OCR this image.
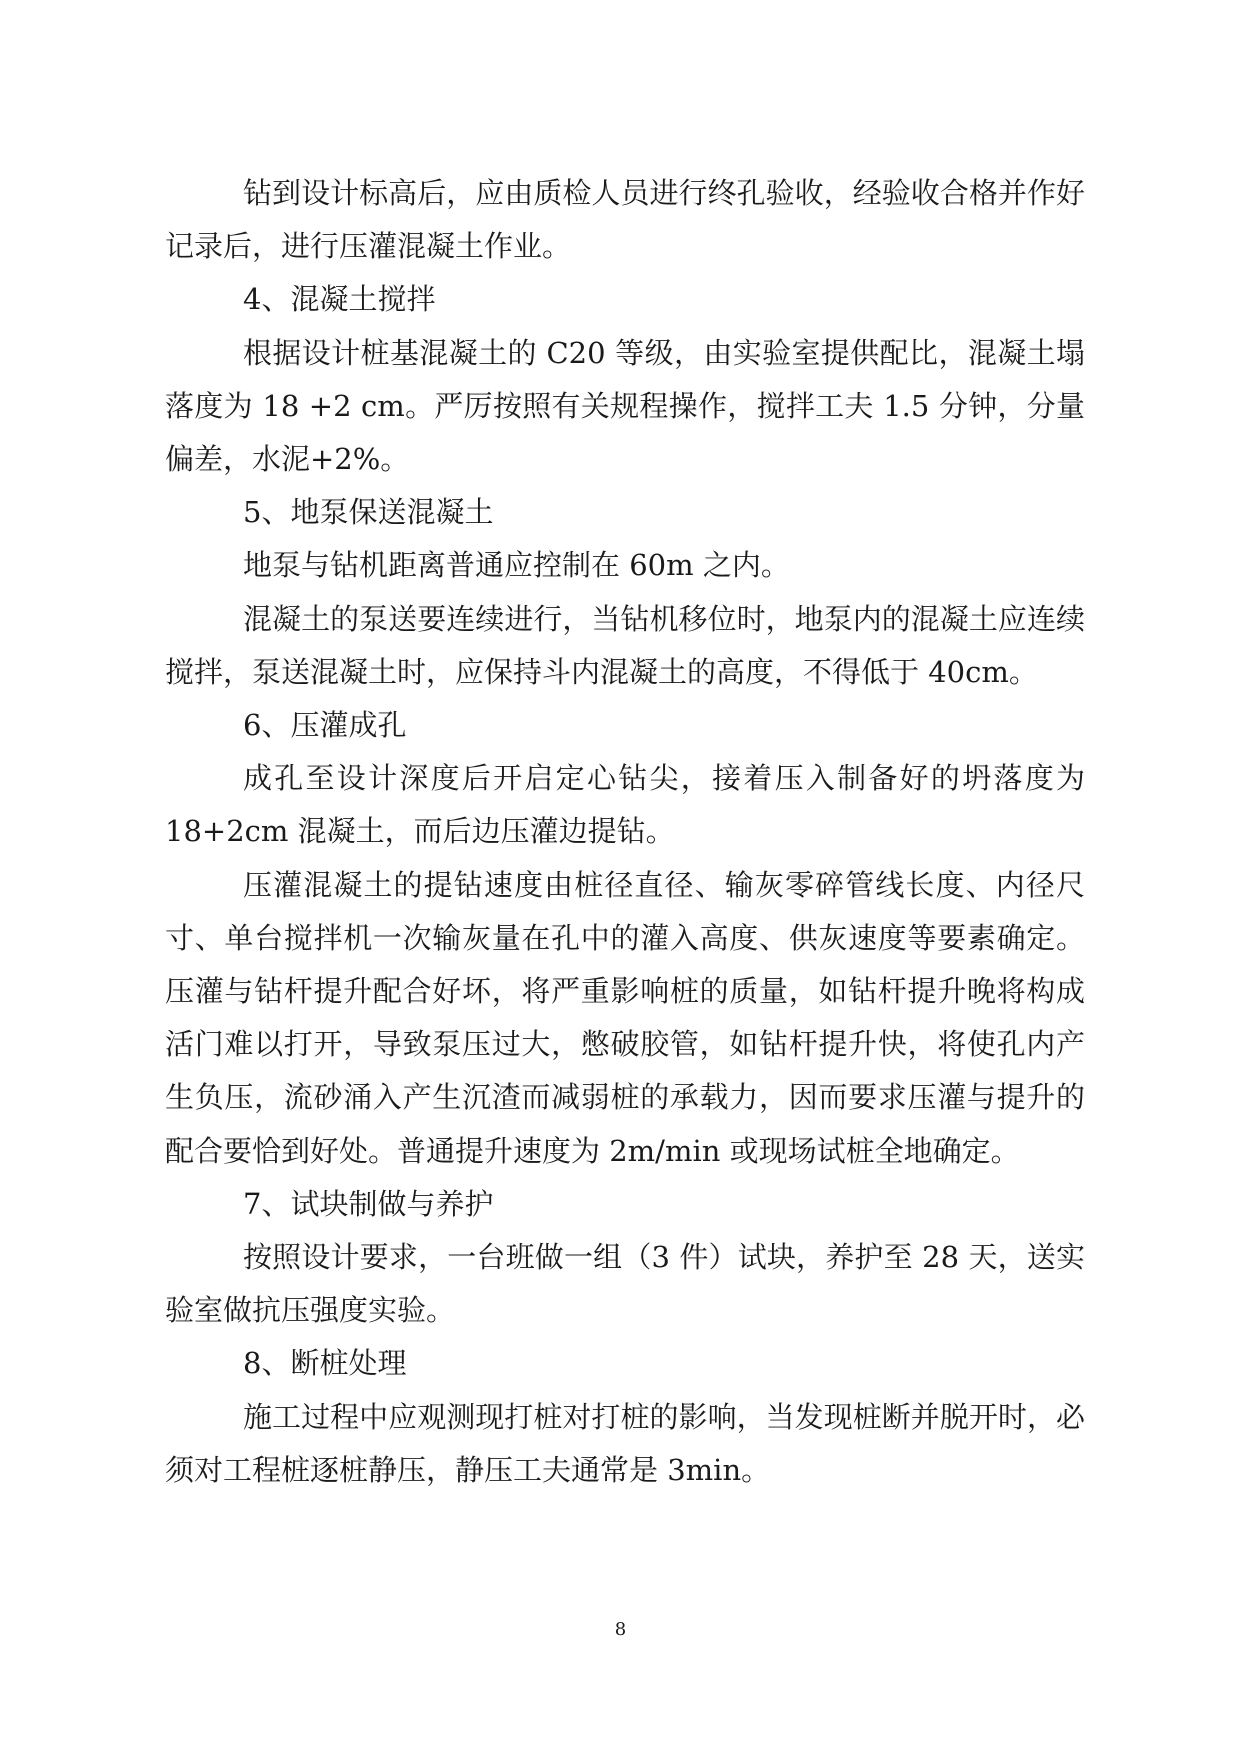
钻到设计标高后，应由质检人员进行终孔验收，经验收合格并作好记录后，进行压灌混凝土作业。

4、混凝土搅拌

根据设计桩基混凝土的 C20 等级，由实验室提供配比，混凝土塌落度为 18 +2 cm。严厉按照有关规程操作，搅拌工夫 1.5 分钟，分量偏差，水泥+2%。

5、地泵保送混凝土

地泵与钻机距离普通应控制在 60m 之内。

混凝土的泵送要连续进行，当钻机移位时，地泵内的混凝土应连续搅拌，泵送混凝土时，应保持斗内混凝土的高度，不得低于 40cm。

6、压灌成孔

成孔至设计深度后开启定心钻尖，接着压入制备好的坍落度为 18+2cm 混凝土，而后边压灌边提钻。

压灌混凝土的提钻速度由桩径直径、输灰零碎管线长度、内径尺寸、单台搅拌机一次输灰量在孔中的灌入高度、供灰速度等要素确定。压灌与钻杆提升配合好坏，将严重影响桩的质量，如钻杆提升晚将构成活门难以打开，导致泵压过大，憋破胶管，如钻杆提升快，将使孔内产生负压，流砂涌入产生沉渣而减弱桩的承载力，因而要求压灌与提升的配合要恰到好处。普通提升速度为 2m/min 或现场试桩全地确定。

7、试块制做与养护

按照设计要求，一台班做一组（3 件）试块，养护至 28 天，送实验室做抗压强度实验。

8、断桩处理

施工过程中应观测现打桩对打桩的影响，当发现桩断并脱开时，必须对工程桩逐桩静压，静压工夫通常是 3min。

8
